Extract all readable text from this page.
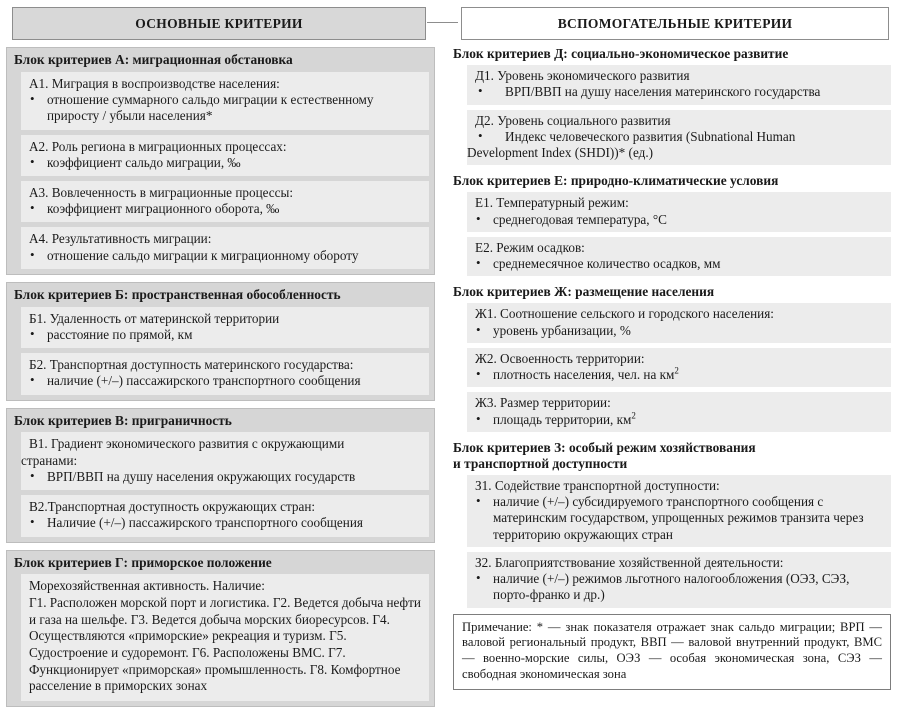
ОСНОВНЫЕ КРИТЕРИИ
Блок критериев А: миграционная обстановка
А1. Миграция в воспроизводстве населения:
• отношение суммарного сальдо миграции к естественному приросту / убыли населения*
А2. Роль региона в миграционных процессах:
• коэффициент сальдо миграции, ‰
А3. Вовлеченность в миграционные процессы:
• коэффициент миграционного оборота, ‰
А4. Результативность миграции:
• отношение сальдо миграции к миграционному обороту
Блок критериев Б: пространственная обособленность
Б1. Удаленность от материнской территории
• расстояние по прямой, км
Б2. Транспортная доступность материнского государства:
• наличие (+/–) пассажирского транспортного сообщения
Блок критериев В: приграничность
В1. Градиент экономического развития с окружающими
странами:
• ВРП/ВВП на душу населения окружающих государств
В2.Транспортная доступность окружающих стран:
• Наличие (+/–) пассажирского транспортного сообщения
Блок критериев Г: приморское положение
Морехозяйственная активность. Наличие:
Г1. Расположен морской порт и логистика. Г2. Ведется добыча нефти и газа на шельфе. Г3. Ведется добыча морских биоресурсов. Г4. Осуществляются «приморские» рекреация и туризм. Г5. Судостроение и судоремонт. Г6. Расположены ВМС. Г7. Функционирует «приморская» промышленность. Г8. Комфортное расселение в приморских зонах
ВСПОМОГАТЕЛЬНЫЕ КРИТЕРИИ
Блок критериев Д: социально-экономическое развитие
Д1. Уровень экономического развития
• ВРП/ВВП на душу населения материнского государства
Д2. Уровень социального развития
• Индекс человеческого развития (Subnational Human
Development Index (SHDI))* (ед.)
Блок критериев Е: природно-климатические условия
Е1. Температурный режим:
• среднегодовая температура, °С
Е2. Режим осадков:
• среднемесячное количество осадков, мм
Блок критериев Ж: размещение населения
Ж1. Соотношение сельского и городского населения:
• уровень урбанизации, %
Ж2. Освоенность территории:
• плотность населения, чел. на $км^2$
Ж3. Размер территории:
• площадь территории, $км^2$
Блок критериев З: особый режим хозяйствования
и транспортной доступности
З1. Содействие транспортной доступности:
• наличие (+/–) субсидируемого транспортного сообщения с материнским государством, упрощенных режимов транзита через территорию окружающих стран
З2. Благоприятствование хозяйственной деятельности:
• наличие (+/–) режимов льготного налогообложения (ОЭЗ, СЭЗ, порто-франко и др.)
Примечание: * — знак показателя отражает знак сальдо миграции; ВРП — валовой региональный продукт, ВВП — валовой внутренний продукт, ВМС — военно-морские силы, ОЭЗ — особая экономическая зона, СЭЗ — свободная экономическая зона
